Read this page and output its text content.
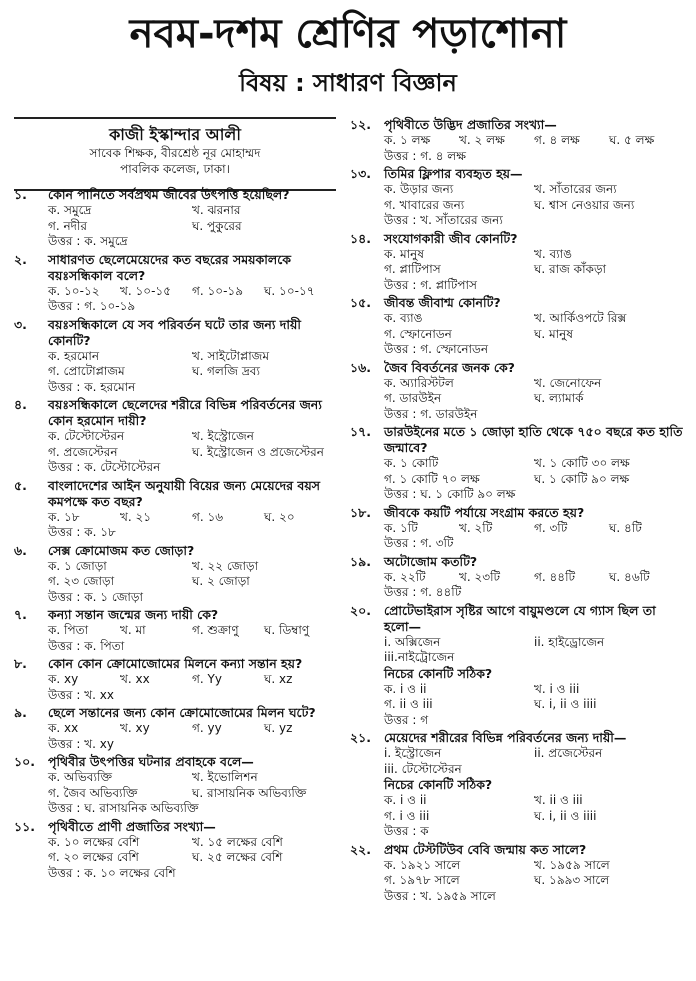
নবম-দশম শ্রেণির পড়াশোনা
বিষয় : সাধারণ বিজ্ঞান
কাজী ইস্কান্দার আলী
সাবেক শিক্ষক, বীরশ্রেষ্ঠ নূর মোহাম্মদ
পাবলিক কলেজ, ঢাকা।
১. কোন পানিতে সর্বপ্রথম জীবের উৎপত্তি হয়েছিল?
ক. সমুদ্রে	খ. ঝরনার
গ. নদীর	ঘ. পুকুরের
উত্তর : ক. সমুদ্রে
২. সাধারণত ছেলেমেয়েদের কত বছরের সময়কালকে বয়ঃসন্ধিকাল বলে?
ক. ১০-১২	খ. ১০-১৫	গ. ১০-১৯	ঘ. ১০-১৭
উত্তর : গ. ১০-১৯
৩. বয়ঃসন্ধিকালে যে সব পরিবর্তন ঘটে তার জন্য দায়ী কোনটি?
ক. হরমোন	খ. সাইটোপ্লাজম
গ. প্রোটোপ্লাজম	ঘ. গলজি দ্রব্য
উত্তর : ক. হরমোন
৪. বয়ঃসন্ধিকালে ছেলেদের শরীরে বিভিন্ন পরিবর্তনের জন্য কোন হরমোন দায়ী?
ক. টেস্টোস্টেরন	খ. ইস্ট্রোজেন
গ. প্রজেস্টেরন	ঘ. ইস্ট্রোজেন ও প্রজেস্টেরন
উত্তর : ক. টেস্টোস্টেরন
৫. বাংলাদেশের আইন অনুযায়ী বিয়ের জন্য মেয়েদের বয়স কমপক্ষে কত বছর?
ক. ১৮	খ. ২১	গ. ১৬	ঘ. ২০
উত্তর : ক. ১৮
৬. সেক্স ক্রোমোজম কত জোড়া?
ক. ১ জোড়া	খ. ২২ জোড়া
গ. ২৩ জোড়া	ঘ. ২ জোড়া
উত্তর : ক. ১ জোড়া
৭. কন্যা সন্তান জন্মের জন্য দায়ী কে?
ক. পিতা	খ. মা	গ. শুক্রাণু	ঘ. ডিম্বাণু
উত্তর : ক. পিতা
৮. কোন কোন ক্রোমোজোমের মিলনে কন্যা সন্তান হয়?
ক. xy	খ. xx	গ. Yy	ঘ. xz
উত্তর : খ. xx
৯. ছেলে সন্তানের জন্য কোন ক্রোমোজোমের মিলন ঘটে?
ক. xx	খ. xy	গ. yy	ঘ. yz
উত্তর : খ. xy
১০. পৃথিবীর উৎপত্তির ঘটনার প্রবাহকে বলে—
ক. অভিব্যক্তি	খ. ইভোলিশন
গ. জৈব অভিব্যক্তি	ঘ. রাসায়নিক অভিব্যক্তি
উত্তর : ঘ. রাসায়নিক অভিব্যক্তি
১১. পৃথিবীতে প্রাণী প্রজাতির সংখ্যা—
ক. ১০ লক্ষের বেশি	খ. ১৫ লক্ষের বেশি
গ. ২০ লক্ষের বেশি	ঘ. ২৫ লক্ষের বেশি
উত্তর : ক. ১০ লক্ষের বেশি
১২. পৃথিবীতে উদ্ভিদ প্রজাতির সংখ্যা—
ক. ১ লক্ষ	খ. ২ লক্ষ	গ. ৪ লক্ষ	ঘ. ৫ লক্ষ
উত্তর : গ. ৪ লক্ষ
১৩. তিমির ফ্লিপার ব্যবহৃত হয়—
ক. উড়ার জন্য	খ. সাঁতারের জন্য
গ. খাবারের জন্য	ঘ. শ্বাস নেওয়ার জন্য
উত্তর : খ. সাঁতারের জন্য
১৪. সংযোগকারী জীব কোনটি?
ক. মানুষ	খ. ব্যাঙ
গ. প্লাটিপাস	ঘ. রাজ কাঁকড়া
উত্তর : গ. প্লাটিপাস
১৫. জীবন্ত জীবাশ্ম কোনটি?
ক. ব্যাঙ	খ. আর্কিওপটে রিক্স
গ. স্ফোনোডন	ঘ. মানুষ
উত্তর : গ. স্ফোনোডন
১৬. জৈব বিবর্তনের জনক কে?
ক. অ্যারিস্টটল	খ. জেনোফেন
গ. ডারউইন	ঘ. ল্যামার্ক
উত্তর : গ. ডারউইন
১৭. ডারউইনের মতে ১ জোড়া হাতি থেকে ৭৫০ বছরে কত হাতি জন্মাবে?
ক. ১ কোটি	খ. ১ কোটি ৩০ লক্ষ
গ. ১ কোটি ৭০ লক্ষ	ঘ. ১ কোটি ৯০ লক্ষ
উত্তর : ঘ. ১ কোটি ৯০ লক্ষ
১৮. জীবকে কয়টি পর্যায়ে সংগ্রাম করতে হয়?
ক. ১টি	খ. ২টি	গ. ৩টি	ঘ. ৪টি
উত্তর : গ. ৩টি
১৯. অটোজোম কতটি?
ক. ২২টি	খ. ২৩টি	গ. ৪৪টি	ঘ. ৪৬টি
উত্তর : গ. ৪৪টি
২০. প্রোটেভাইরাস সৃষ্টির আগে বায়ুমণ্ডলে যে গ্যাস ছিল তা হলো—
i. অক্সিজেন	ii. হাইড্রোজেন
iii.নাইট্রোজেন
নিচের কোনটি সঠিক?
ক. i ও ii	খ. i ও iii
গ. ii ও iii	ঘ. i, ii ও iiii
উত্তর : গ
২১. মেয়েদের শরীরের বিভিন্ন পরিবর্তনের জন্য দায়ী—
i. ইস্ট্রোজেন	ii. প্রজেস্টেরন
iii. টেস্টোস্টেরন
নিচের কোনটি সঠিক?
ক. i ও ii	খ. ii ও iii
গ. i ও iii	ঘ. i, ii ও iiii
উত্তর : ক
২২. প্রথম টেস্টটিউব বেবি জন্মায় কত সালে?
ক. ১৯২১ সালে	খ. ১৯৫৯ সালে
গ. ১৯৭৮ সালে	ঘ. ১৯৯৩ সালে
উত্তর : খ. ১৯৫৯ সালে
